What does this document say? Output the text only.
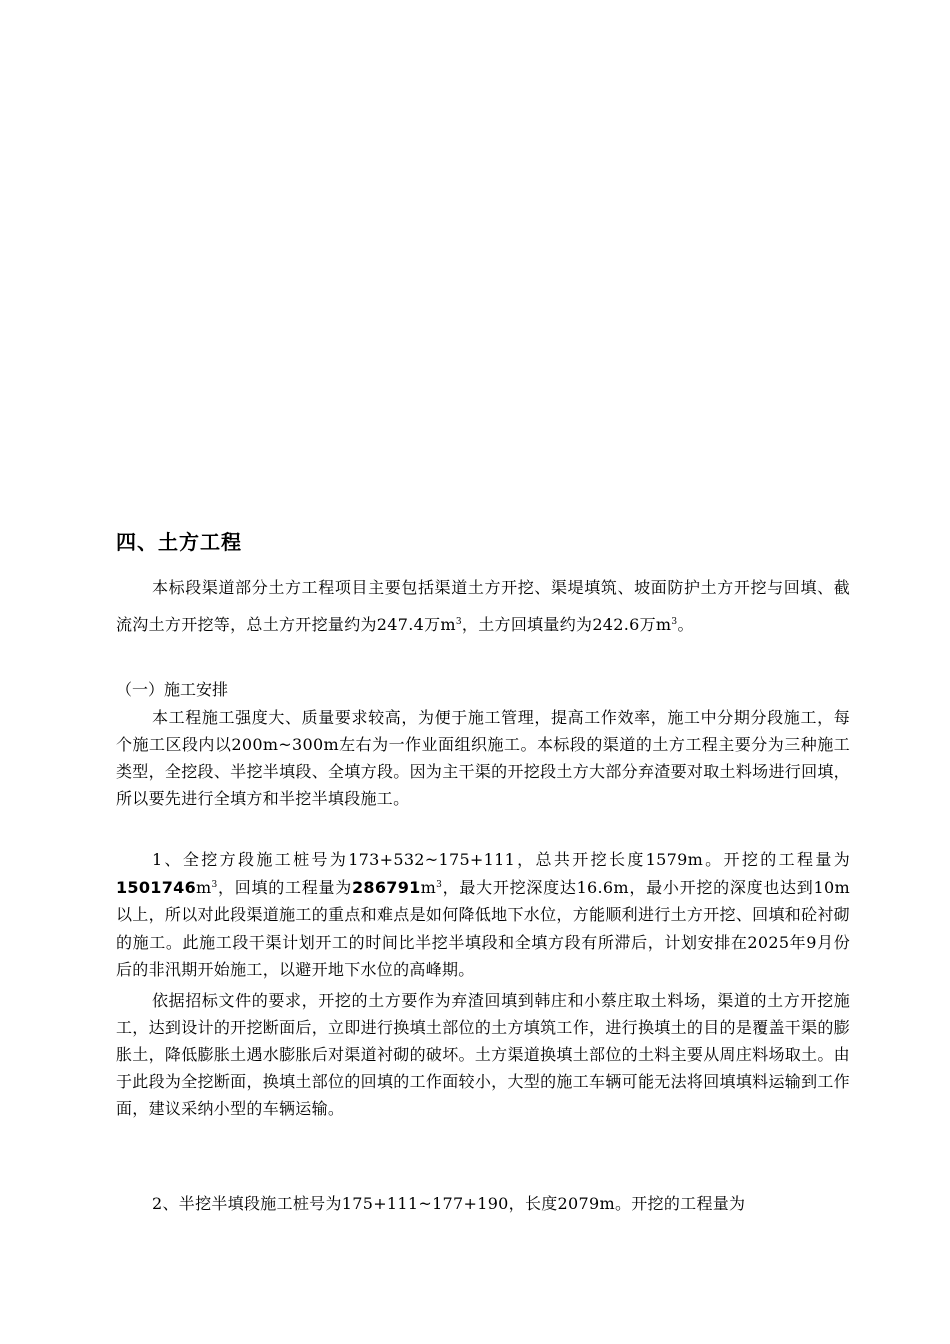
四、土方工程
本标段渠道部分土方工程项目主要包括渠道土方开挖、渠堤填筑、坡面防护土方开挖与回填、截流沟土方开挖等，总土方开挖量约为247.4万$m^3$，土方回填量约为242.6万$m^3$。
（一）施工安排
本工程施工强度大、质量要求较高，为便于施工管理，提高工作效率，施工中分期分段施工，每个施工区段内以200m~300m左右为一作业面组织施工。本标段的渠道的土方工程主要分为三种施工类型，全挖段、半挖半填段、全填方段。因为主干渠的开挖段土方大部分弃渣要对取土料场进行回填，所以要先进行全填方和半挖半填段施工。
1、全挖方段施工桩号为173+532~175+111，总共开挖长度1579m。开挖的工程量为$1501746m^3$，回填的工程量为$286791m^3$，最大开挖深度达16.6m，最小开挖的深度也达到10m以上，所以对此段渠道施工的重点和难点是如何降低地下水位，方能顺利进行土方开挖、回填和砼衬砌的施工。此施工段干渠计划开工的时间比半挖半填段和全填方段有所滞后，计划安排在2025年9月份后的非汛期开始施工，以避开地下水位的高峰期。
依据招标文件的要求，开挖的土方要作为弃渣回填到韩庄和小蔡庄取土料场，渠道的土方开挖施工，达到设计的开挖断面后，立即进行换填土部位的土方填筑工作，进行换填土的目的是覆盖干渠的膨胀土，降低膨胀土遇水膨胀后对渠道衬砌的破坏。土方渠道换填土部位的土料主要从周庄料场取土。由于此段为全挖断面，换填土部位的回填的工作面较小，大型的施工车辆可能无法将回填填料运输到工作面，建议采纳小型的车辆运输。
2、半挖半填段施工桩号为175+111~177+190，长度2079m。开挖的工程量为
